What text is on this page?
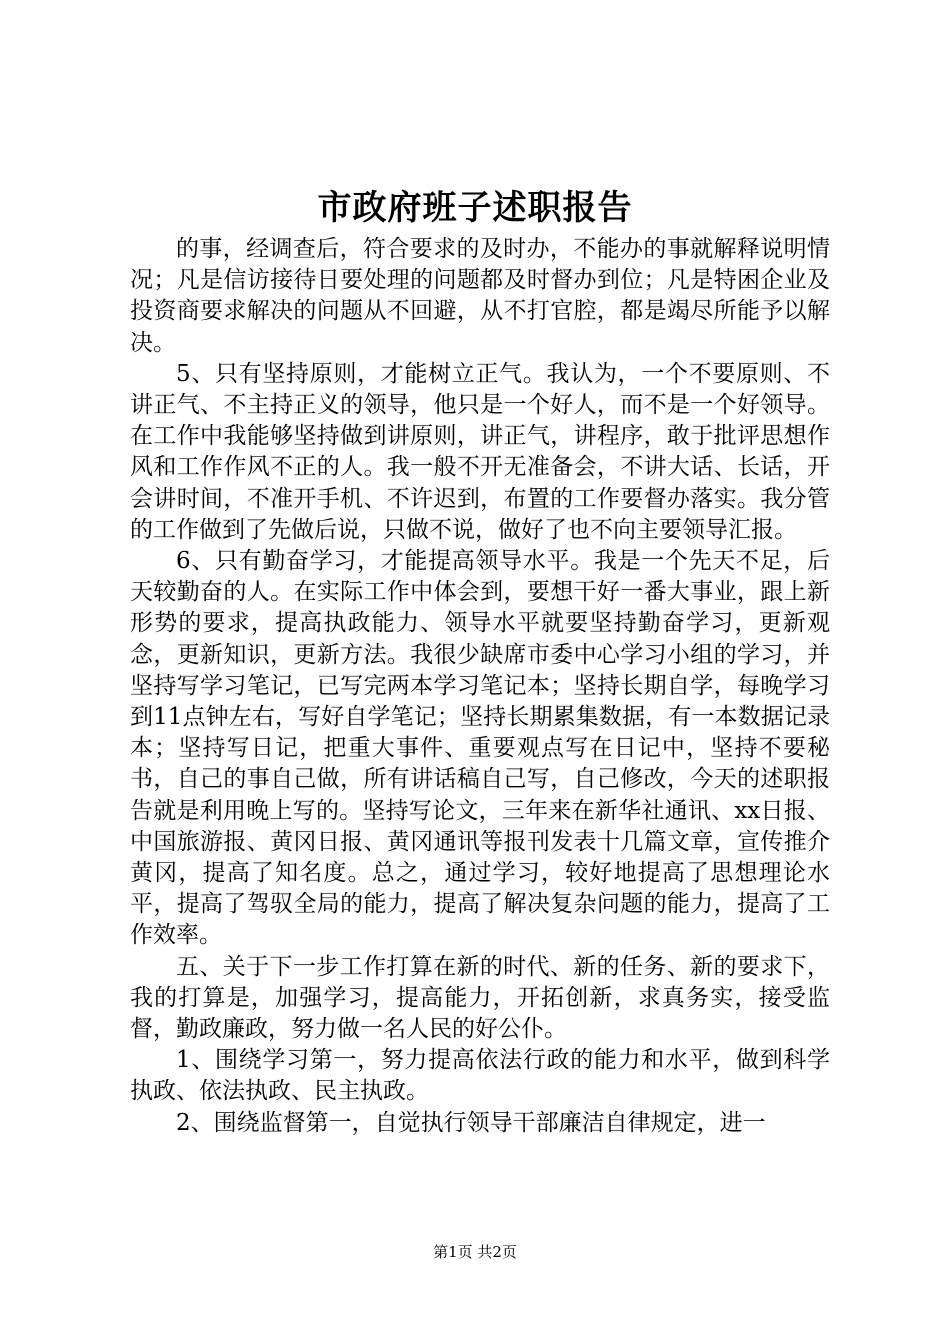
市政府班子述职报告

的事，经调查后，符合要求的及时办，不能办的事就解释说明情况；凡是信访接待日要处理的问题都及时督办到位；凡是特困企业及投资商要求解决的问题从不回避，从不打官腔，都是竭尽所能予以解决。

5、只有坚持原则，才能树立正气。我认为，一个不要原则、不讲正气、不主持正义的领导，他只是一个好人，而不是一个好领导。在工作中我能够坚持做到讲原则，讲正气，讲程序，敢于批评思想作风和工作作风不正的人。我一般不开无准备会，不讲大话、长话，开会讲时间，不准开手机、不许迟到，布置的工作要督办落实。我分管的工作做到了先做后说，只做不说，做好了也不向主要领导汇报。

6、只有勤奋学习，才能提高领导水平。我是一个先天不足，后天较勤奋的人。在实际工作中体会到，要想干好一番大事业，跟上新形势的要求，提高执政能力、领导水平就要坚持勤奋学习，更新观念，更新知识，更新方法。我很少缺席市委中心学习小组的学习，并坚持写学习笔记，已写完两本学习笔记本；坚持长期自学，每晚学习到11点钟左右，写好自学笔记；坚持长期累集数据，有一本数据记录本；坚持写日记，把重大事件、重要观点写在日记中，坚持不要秘书，自己的事自己做，所有讲话稿自己写，自己修改，今天的述职报告就是利用晚上写的。坚持写论文，三年来在新华社通讯、xx日报、中国旅游报、黄冈日报、黄冈通讯等报刊发表十几篇文章，宣传推介黄冈，提高了知名度。总之，通过学习，较好地提高了思想理论水平，提高了驾驭全局的能力，提高了解决复杂问题的能力，提高了工作效率。

五、关于下一步工作打算在新的时代、新的任务、新的要求下，我的打算是，加强学习，提高能力，开拓创新，求真务实，接受监督，勤政廉政，努力做一名人民的好公仆。

1、围绕学习第一，努力提高依法行政的能力和水平，做到科学执政、依法执政、民主执政。

2、围绕监督第一，自觉执行领导干部廉洁自律规定，进一

第1页 共2页
